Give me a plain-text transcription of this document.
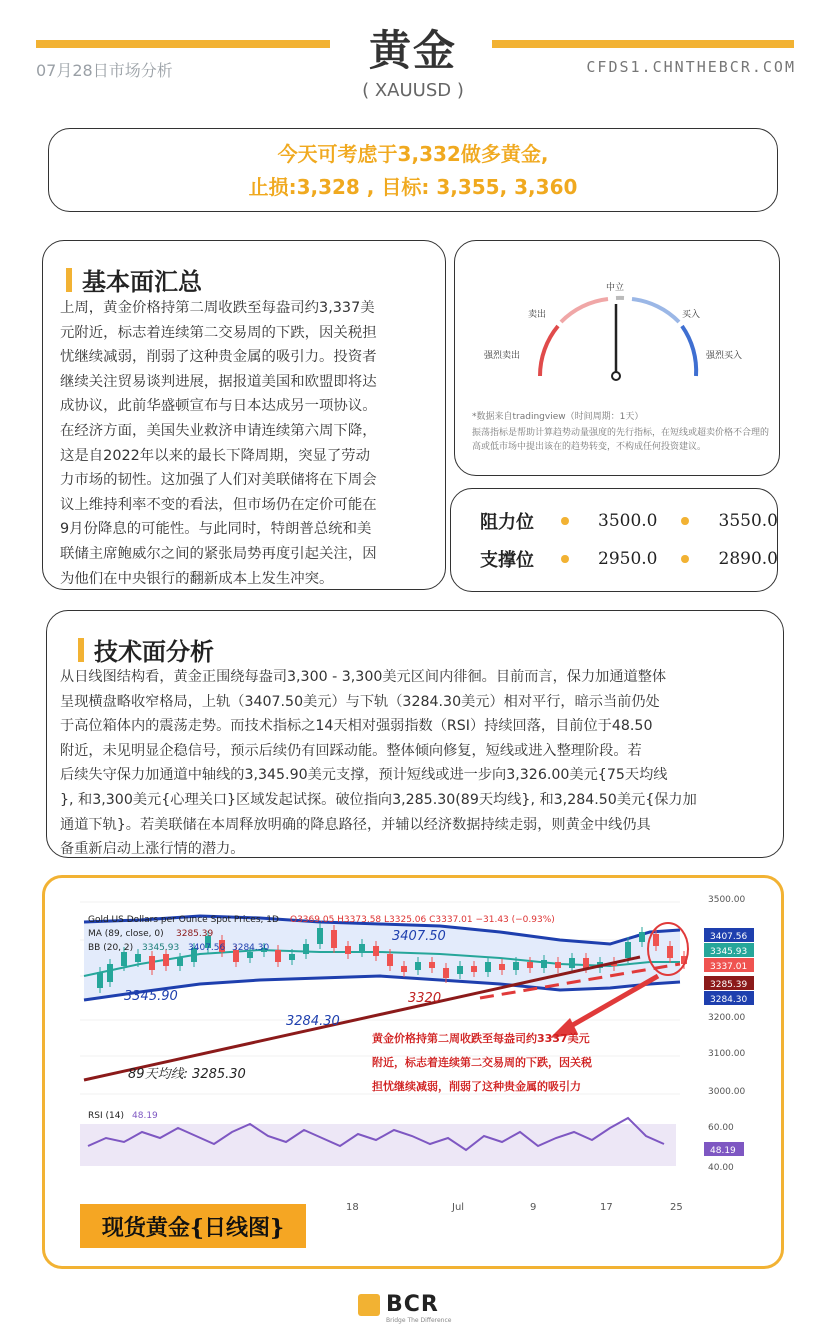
黄金
( XAUUSD )
07月28日市场分析	CFDS1.CHNTHEBCR.COM
今天可考虑于3,332做多黄金,
止损:3,328 , 目标: 3,355, 3,360
基本面汇总
上周，黄金价格持第二周收跌至每盎司约3,337美
元附近，标志着连续第二交易周的下跌，因关税担
忧继续减弱，削弱了这种贵金属的吸引力。投资者
继续关注贸易谈判进展，据报道美国和欧盟即将达
成协议，此前华盛顿宣布与日本达成另一项协议。
在经济方面，美国失业救济申请连续第六周下降，
这是自2022年以来的最长下降周期，突显了劳动
力市场的韧性。这加强了人们对美联储将在下周会
议上维持利率不变的看法，但市场仍在定价可能在
9月份降息的可能性。与此同时，特朗普总统和美
联储主席鲍威尔之间的紧张局势再度引起关注，因
为他们在中央银行的翻新成本上发生冲突。
强烈卖出
卖出
中立
买入
强烈买入
*数据来自tradingview（时间周期：1天）
振荡指标是帮助计算趋势动量强度的先行指标，在短线或超卖价格不合理的高或低市场中提出该在的趋势转变，不构成任何投资建议。
阻力位	3500.0	3550.0
支撑位	2950.0	2890.0
技术面分析
从日线图结构看，黄金正围绕每盎司3,300 - 3,300美元区间内徘徊。目前而言，保力加通道整体
呈现横盘略收窄格局，上轨（3407.50美元）与下轨（3284.30美元）相对平行，暗示当前仍处
于高位箱体内的震荡走势。而技术指标之14天相对强弱指数（RSI）持续回落，目前位于48.50
附近，未见明显企稳信号，预示后续仍有回踩动能。整体倾向修复，短线或进入整理阶段。若
后续失守保力加通道中轴线的3,345.90美元支撑，预计短线或进一步向3,326.00美元{75天均线
}, 和3,300美元{心理关口}区域发起试探。破位指向3,285.30(89天均线}, 和3,284.50美元{保力加
通道下轨}。若美联储在本周释放明确的降息路径，并辅以经济数据持续走弱，则黄金中线仍具
备重新启动上涨行情的潜力。
Gold US Dollars per Ounce Spot Prices, 1D O3369.05 H3373.58 L3325.06 C3337.01 −31.43 (−0.93%)
MA (89, close, 0) 3285.39
BB (20, 2) 3345.93 3407.56 3284.30
3407.50
3345.90
3284.30
3320
89天均线: 3285.30
黄金价格持第二周收跌至每盎司约3337美元
附近，标志着连续第二交易周的下跌，因关税
担忧继续减弱，削弱了这种贵金属的吸引力
RSI (14) 48.19
3500.00
3200.00
3100.00
3000.00
3407.56
3345.93
3337.01
3285.39
3284.30
60.00
48.19
40.00
18	Jul	9	17	25
现货黄金{日线图}
BCR
Bridge The Difference
